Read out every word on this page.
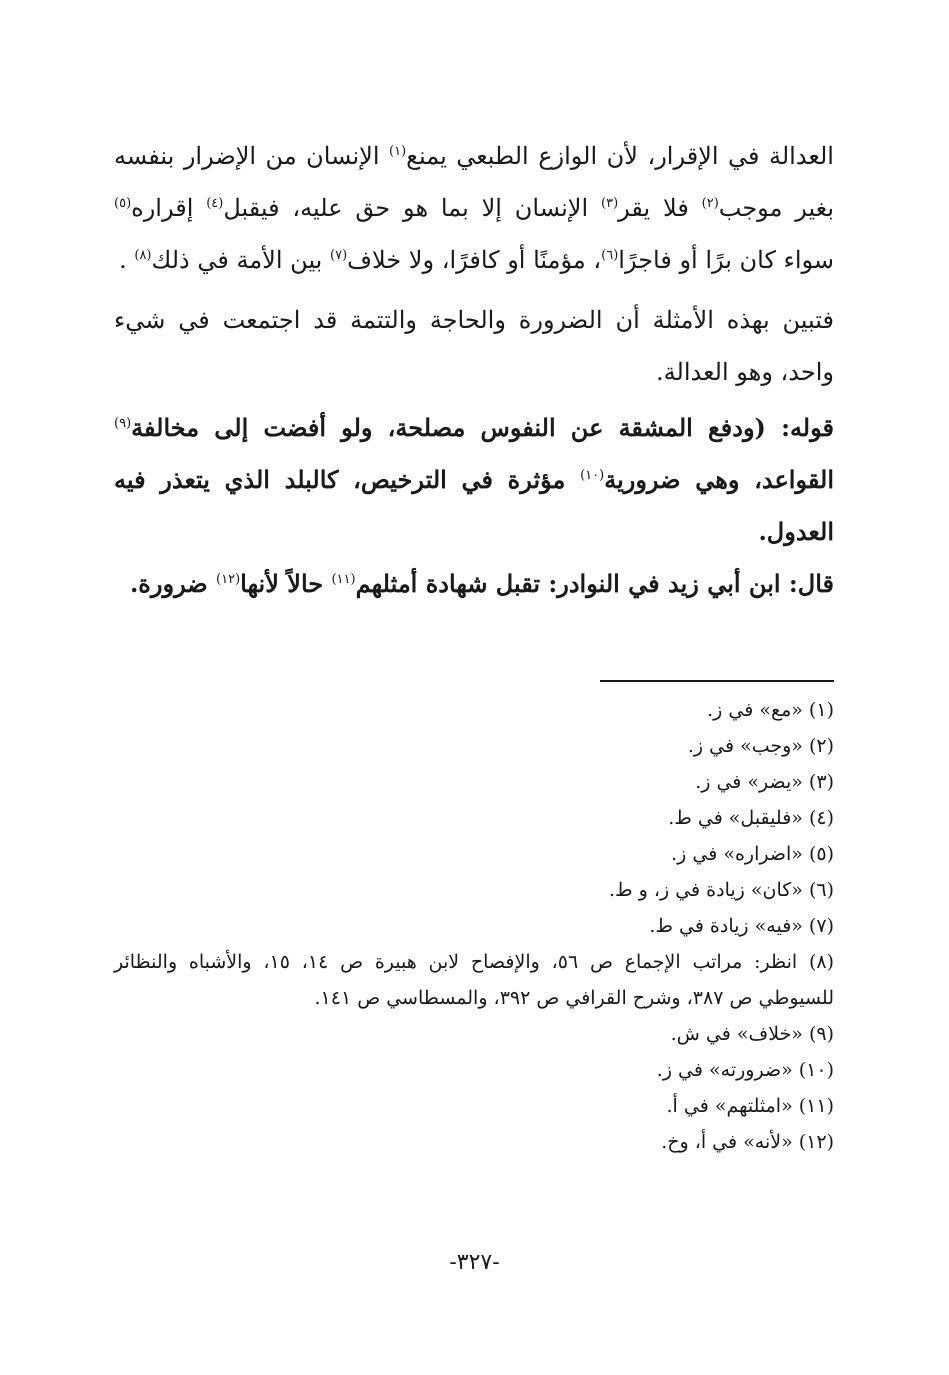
العدالة في الإقرار، لأن الوازع الطبعي يمنع$^{(١)}$ الإنسان من الإضرار بنفسه بغير موجب$^{(٢)}$ فلا يقر$^{(٣)}$ الإنسان إلا بما هو حق عليه، فيقبل$^{(٤)}$ إقراره$^{(٥)}$ سواء كان برًا أو فاجرًا$^{(٦)}$، مؤمنًا أو كافرًا، ولا خلاف$^{(٧)}$ بين الأمة في ذلك$^{(٨)}$ .

فتبين بهذه الأمثلة أن الضرورة والحاجة والتتمة قد اجتمعت في شيء واحد، وهو العدالة.

قوله: (ودفع المشقة عن النفوس مصلحة، ولو أفضت إلى مخالفة$^{(٩)}$ القواعد، وهي ضرورية$^{(١٠)}$ مؤثرة في الترخيص، كالبلد الذي يتعذر فيه العدول.

قال: ابن أبي زيد في النوادر: تقبل شهادة أمثلهم$^{(١١)}$ حالاً لأنها$^{(١٢)}$ ضرورة.

(١) «مع» في ز.

(٢) «وجب» في ز.

(٣) «يضر» في ز.

(٤) «فليقبل» في ط.

(٥) «اضراره» في ز.

(٦) «كان» زيادة في ز، و ط.

(٧) «فيه» زيادة في ط.

(٨) انظر: مراتب الإجماع ص ٥٦، والإفصاح لابن هبيرة ص ١٤، ١٥، والأشباه والنظائر للسيوطي ص ٣٨٧، وشرح القرافي ص ٣٩٢، والمسطاسي ص ١٤١.

(٩) «خلاف» في ش.

(١٠) «ضرورته» في ز.

(١١) «امثلتهم» في أ.

(١٢) «لأنه» في أ، وخ.

-٣٢٧-
